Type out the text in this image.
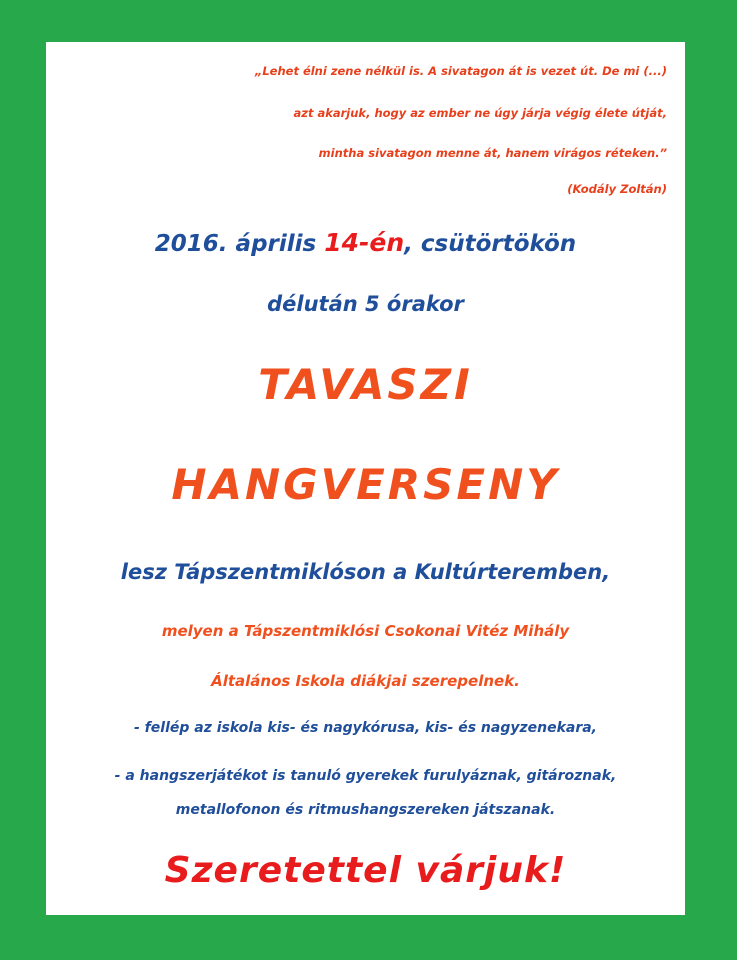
„Lehet élni zene nélkül is. A sivatagon át is vezet út. De mi (...)

azt akarjuk, hogy az ember ne úgy járja végig élete útját,

mintha sivatagon menne át, hanem virágos réteken.”

(Kodály Zoltán)

2016. április 14-én, csütörtökön

délután 5 órakor

TAVASZI

HANGVERSENY

lesz Tápszentmiklóson a Kultúrteremben,

melyen a Tápszentmiklósi Csokonai Vitéz Mihály

Általános Iskola diákjai szerepelnek.

- fellép az iskola kis- és nagykórusa, kis- és nagyzenekara,

- a hangszerjátékot is tanuló gyerekek furulyáznak, gitároznak,

metallofonon és ritmushangszereken játszanak.

Szeretettel várjuk!
